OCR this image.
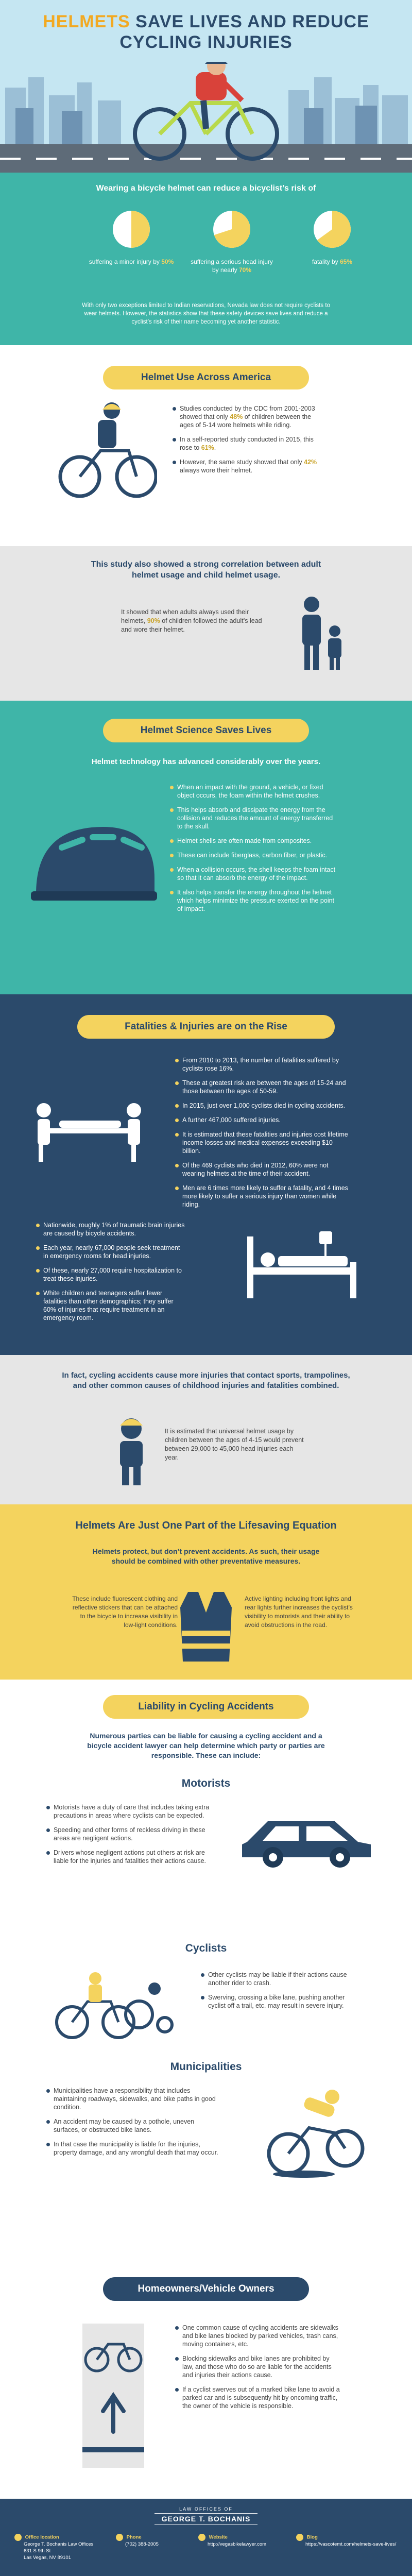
HELMETS SAVE LIVES AND REDUCE
CYCLING INJURIES
Wearing a bicycle helmet can reduce a bicyclist’s risk of
suffering a minor injury by 50%	suffering a serious head injury by nearly 70%
fatality by 65%
With only two exceptions limited to Indian reservations, Nevada law does not require cyclists to wear helmets. However, the statistics show that these safety devices save lives and reduce a cyclist’s risk of their name becoming yet another statistic.
Helmet Use Across America
Studies conducted by the CDC from 2001-2003 showed that only 48% of children between the ages of 5-14 wore helmets while riding.
In a self-reported study conducted in 2015, this rose to 61%.
However, the same study showed that only 42% always wore their helmet.
This study also showed a strong correlation between adult helmet usage and child helmet usage.
It showed that when adults always used their helmets, 90% of children followed the adult’s lead and wore their helmet.
Helmet Science Saves Lives
Helmet technology has advanced considerably over the years.
When an impact with the ground, a vehicle, or fixed object occurs, the foam within the helmet crushes.
This helps absorb and dissipate the energy from the collision and reduces the amount of energy transferred to the skull.
Helmet shells are often made from composites.
These can include fiberglass, carbon fiber, or plastic.
When a collision occurs, the shell keeps the foam intact so that it can absorb the energy of the impact.
It also helps transfer the energy throughout the helmet which helps minimize the pressure exerted on the point of impact.
Fatalities & Injuries are on the Rise
From 2010 to 2013, the number of fatalities suffered by cyclists rose 16%.
These at greatest risk are between the ages of 15-24 and those between the ages of 50-59.
In 2015, just over 1,000 cyclists died in cycling accidents.
A further 467,000 suffered injuries.
It is estimated that these fatalities and injuries cost lifetime income losses and medical expenses exceeding $10 billion.
Of the 469 cyclists who died in 2012, 60% were not wearing helmets at the time of their accident.
Men are 6 times more likely to suffer a fatality, and 4 times more likely to suffer a serious injury than women while riding.
Nationwide, roughly 1% of traumatic brain injuries are caused by bicycle accidents.
Each year, nearly 67,000 people seek treatment in emergency rooms for head injuries.
Of these, nearly 27,000 require hospitalization to treat these injuries.
White children and teenagers suffer fewer fatalities than other demographics; they suffer 60% of injuries that require treatment in an emergency room.
In fact, cycling accidents cause more injuries that contact sports, trampolines, and other common causes of childhood injuries and fatalities combined.
It is estimated that universal helmet usage by children between the ages of 4-15 would prevent between 29,000 to 45,000 head injuries each year.
Helmets Are Just One Part of the Lifesaving Equation
Helmets protect, but don’t prevent accidents. As such, their usage should be combined with other preventative measures.
These include fluorescent clothing and reflective stickers that can be attached to the bicycle to increase visibility in low-light conditions.
Active lighting including front lights and rear lights further increases the cyclist’s visibility to motorists and their ability to avoid obstructions in the road.
Liability in Cycling Accidents
Numerous parties can be liable for causing a cycling accident and a bicycle accident lawyer can help determine which party or parties are responsible. These can include:
Motorists
Motorists have a duty of care that includes taking extra precautions in areas where cyclists can be expected.
Speeding and other forms of reckless driving in these areas are negligent actions.
Drivers whose negligent actions put others at risk are liable for the injuries and fatalities their actions cause.
Cyclists
Other cyclists may be liable if their actions cause another rider to crash.
Swerving, crossing a bike lane, pushing another cyclist off a trail, etc. may result in severe injury.
Municipalities
Municipalities have a responsibility that includes maintaining roadways, sidewalks, and bike paths in good condition.
An accident may be caused by a pothole, uneven surfaces, or obstructed bike lanes.
In that case the municipality is liable for the injuries, property damage, and any wrongful death that may occur.
Homeowners/Vehicle Owners
One common cause of cycling accidents are sidewalks and bike lanes blocked by parked vehicles, trash cans, moving containers, etc.
Blocking sidewalks and bike lanes are prohibited by law, and those who do so are liable for the accidents and injuries their actions cause.
If a cyclist swerves out of a marked bike lane to avoid a parked car and is subsequently hit by oncoming traffic, the owner of the vehicle is responsible.
LAW OFFICES OF
GEORGE T. BOCHANIS
Office location
George T. Bochanis Law Offices
631 S 9th St
Las Vegas, NV 89101
Phone
(702) 388-2005
Website
http://vegasbikelawyer.com
Blog
https://vascotemt.com/helmets-save-lives/
